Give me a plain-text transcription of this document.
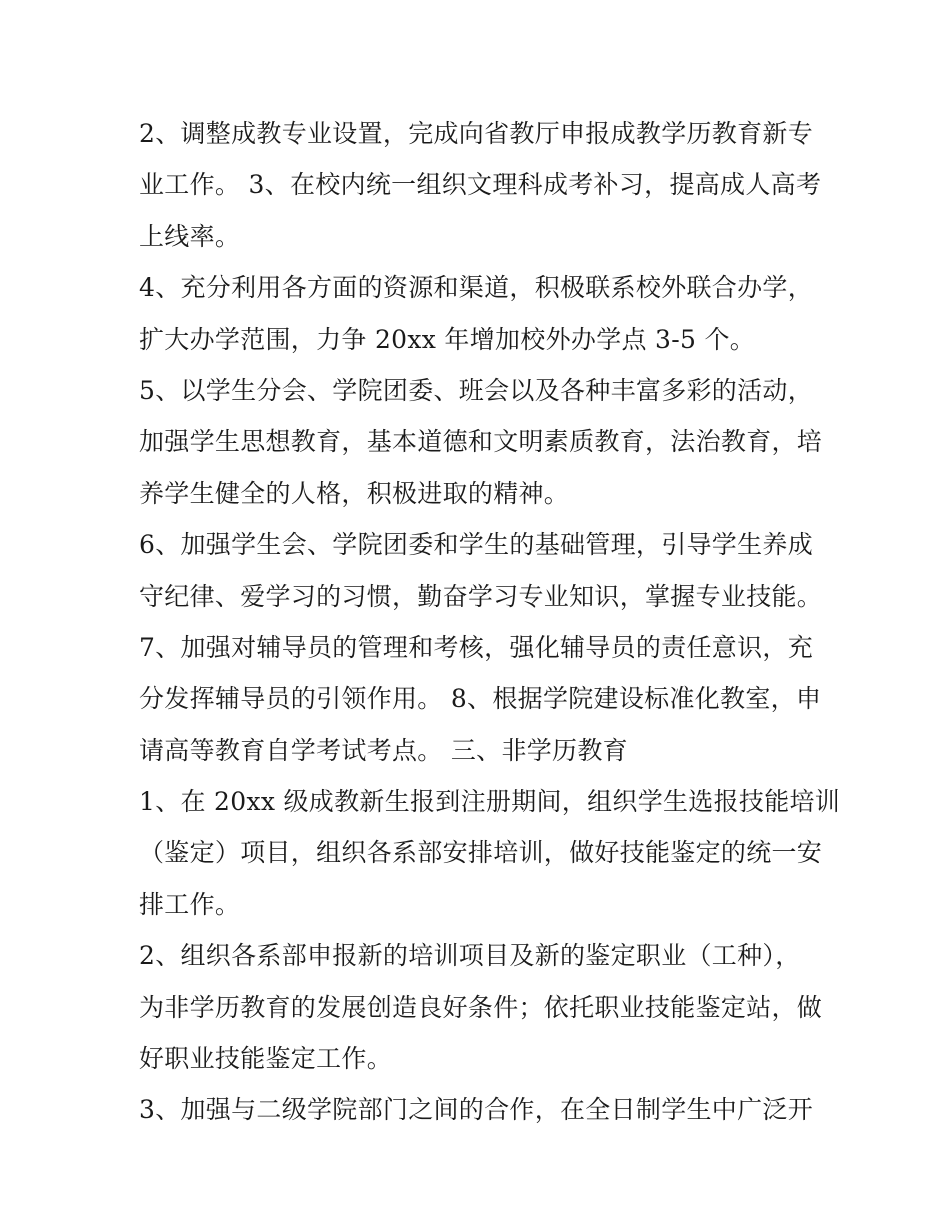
2、调整成教专业设置，完成向省教厅申报成教学历教育新专
业工作。 3、在校内统一组织文理科成考补习，提高成人高考
上线率。
4、充分利用各方面的资源和渠道，积极联系校外联合办学，
扩大办学范围，力争 20xx 年增加校外办学点 3-5 个。
5、以学生分会、学院团委、班会以及各种丰富多彩的活动，
加强学生思想教育，基本道德和文明素质教育，法治教育，培
养学生健全的人格，积极进取的精神。
6、加强学生会、学院团委和学生的基础管理，引导学生养成
守纪律、爱学习的习惯，勤奋学习专业知识，掌握专业技能。
7、加强对辅导员的管理和考核，强化辅导员的责任意识，充
分发挥辅导员的引领作用。 8、根据学院建设标准化教室，申
请高等教育自学考试考点。 三、非学历教育
1、在 20xx 级成教新生报到注册期间，组织学生选报技能培训
（鉴定）项目，组织各系部安排培训，做好技能鉴定的统一安
排工作。
2、组织各系部申报新的培训项目及新的鉴定职业（工种），
为非学历教育的发展创造良好条件；依托职业技能鉴定站，做
好职业技能鉴定工作。
3、加强与二级学院部门之间的合作，在全日制学生中广泛开
